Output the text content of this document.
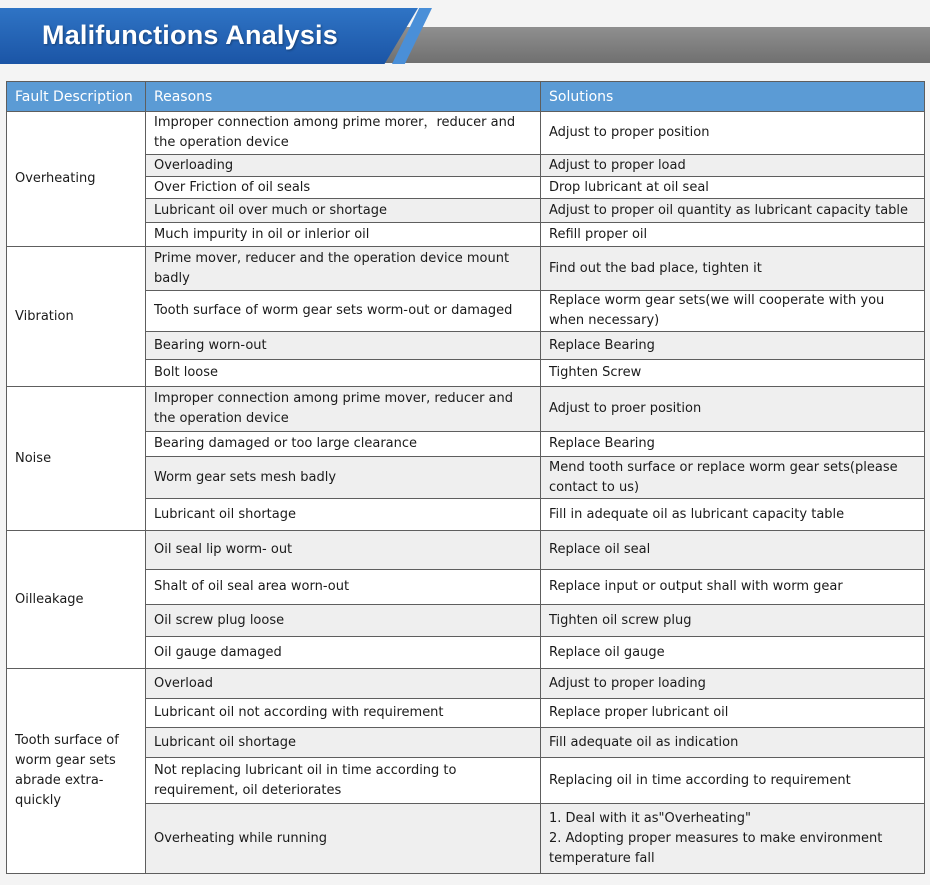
Malifunctions Analysis
Fault Description	Reasons	Solutions
Overheating	Improper connection among prime morer，reducer and the operation device	Adjust to proper position
	Overloading	Adjust to proper load
	Over Friction of oil seals	Drop lubricant at oil seal
	Lubricant oil over much or shortage	Adjust to proper oil quantity as lubricant capacity table
	Much impurity in oil or inlerior oil	Refill proper oil
Vibration	Prime mover, reducer and the operation device mount badly	Find out the bad place, tighten it
	Tooth surface of worm gear sets worm-out or damaged	Replace worm gear sets(we will cooperate with you when necessary)
	Bearing worn-out	Replace Bearing
	Bolt loose	Tighten Screw
Noise	Improper connection among prime mover, reducer and the operation device	Adjust to proer position
	Bearing damaged or too large clearance	Replace Bearing
	Worm gear sets mesh badly	Mend tooth surface or replace worm gear sets(please contact to us)
	Lubricant oil shortage	Fill in adequate oil as lubricant capacity table
Oilleakage	Oil seal lip worm- out	Replace oil seal
	Shalt of oil seal area worn-out	Replace input or output shall with worm gear
	Oil screw plug loose	Tighten oil screw plug
	Oil gauge damaged	Replace oil gauge
Tooth surface of worm gear sets abrade extra- quickly	Overload	Adjust to proper loading
	Lubricant oil not according with requirement	Replace proper lubricant oil
	Lubricant oil shortage	Fill adequate oil as indication
	Not replacing lubricant oil in time according to requirement, oil deteriorates	Replacing oil in time according to requirement
	Overheating while running	1. Deal with it as"Overheating"
2. Adopting proper measures to make environment temperature fall
